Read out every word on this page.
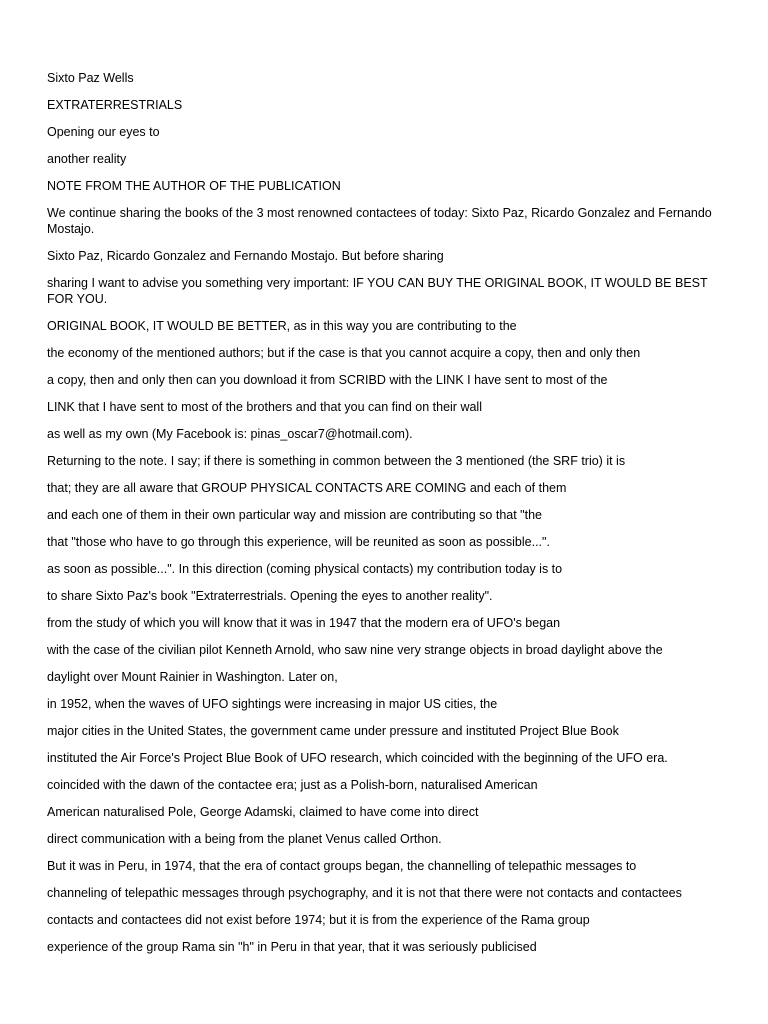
Sixto Paz Wells

EXTRATERRESTRIALS

Opening our eyes to

another reality

NOTE FROM THE AUTHOR OF THE PUBLICATION

We continue sharing the books of the 3 most renowned contactees of today: Sixto Paz, Ricardo Gonzalez and Fernando Mostajo.

Sixto Paz, Ricardo Gonzalez and Fernando Mostajo. But before sharing

sharing I want to advise you something very important: IF YOU CAN BUY THE ORIGINAL BOOK, IT WOULD BE BEST FOR YOU.

ORIGINAL BOOK, IT WOULD BE BETTER, as in this way you are contributing to the

the economy of the mentioned authors; but if the case is that you cannot acquire a copy, then and only then

a copy, then and only then can you download it from SCRIBD with the LINK I have sent to most of the

LINK that I have sent to most of the brothers and that you can find on their wall

as well as my own (My Facebook is: pinas_oscar7@hotmail.com).

Returning to the note. I say; if there is something in common between the 3 mentioned (the SRF trio) it is

that; they are all aware that GROUP PHYSICAL CONTACTS ARE COMING and each of them

and each one of them in their own particular way and mission are contributing so that "the

that "those who have to go through this experience, will be reunited as soon as possible...".

as soon as possible...". In this direction (coming physical contacts) my contribution today is to

to share Sixto Paz's book "Extraterrestrials. Opening the eyes to another reality".

from the study of which you will know that it was in 1947 that the modern era of UFO's began

with the case of the civilian pilot Kenneth Arnold, who saw nine very strange objects in broad daylight above the

daylight over Mount Rainier in Washington. Later on,

in 1952, when the waves of UFO sightings were increasing in major US cities, the

major cities in the United States, the government came under pressure and instituted Project Blue Book

instituted the Air Force's Project Blue Book of UFO research, which coincided with the beginning of the UFO era.

coincided with the dawn of the contactee era; just as a Polish-born, naturalised American

American naturalised Pole, George Adamski, claimed to have come into direct

direct communication with a being from the planet Venus called Orthon.

But it was in Peru, in 1974, that the era of contact groups began, the channelling of telepathic messages to

channeling of telepathic messages through psychography, and it is not that there were not contacts and contactees

contacts and contactees did not exist before 1974; but it is from the experience of the Rama group

experience of the group Rama sin "h" in Peru in that year, that it was seriously publicised
